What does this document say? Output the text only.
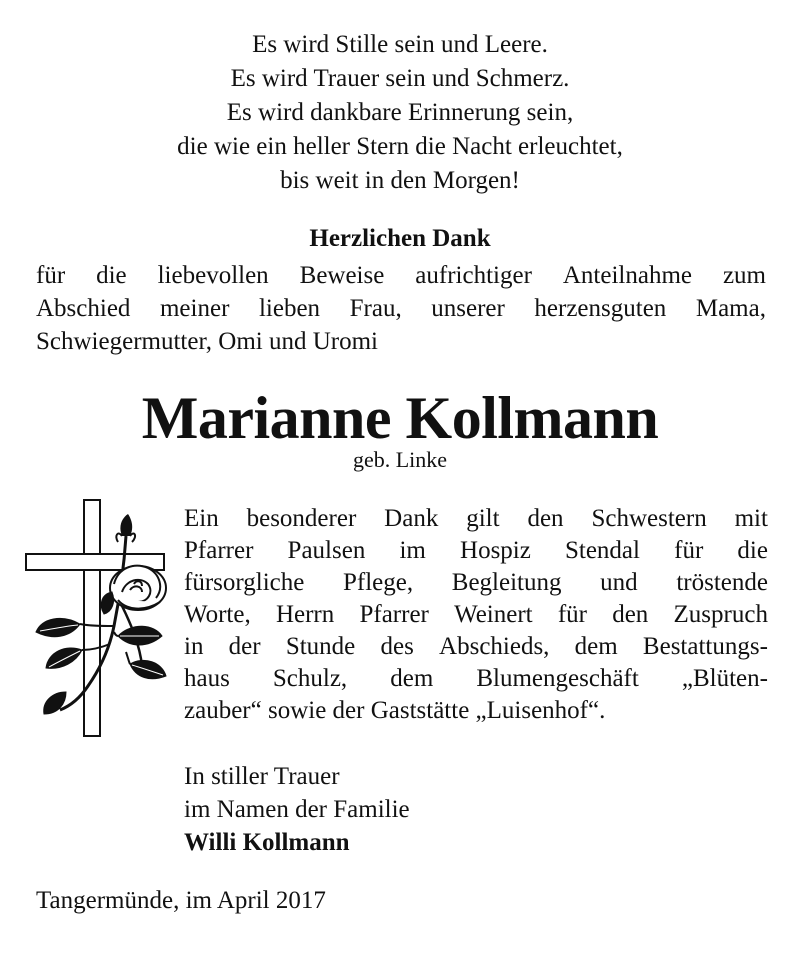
Es wird Stille sein und Leere.
Es wird Trauer sein und Schmerz.
Es wird dankbare Erinnerung sein,
die wie ein heller Stern die Nacht erleuchtet,
bis weit in den Morgen!
Herzlichen Dank
für die liebevollen Beweise aufrichtiger Anteilnahme zum
Abschied meiner lieben Frau, unserer herzensguten Mama,
Schwiegermutter, Omi und Uromi
Marianne Kollmann
geb. Linke
Ein besonderer Dank gilt den Schwestern mit
Pfarrer Paulsen im Hospiz Stendal für die
fürsorgliche Pflege, Begleitung und tröstende
Worte, Herrn Pfarrer Weinert für den Zuspruch
in der Stunde des Abschieds, dem Bestattungs-
haus Schulz, dem Blumengeschäft „Blüten-
zauber“ sowie der Gaststätte „Luisenhof“.
In stiller Trauer
im Namen der Familie
Willi Kollmann
Tangermünde, im April 2017
